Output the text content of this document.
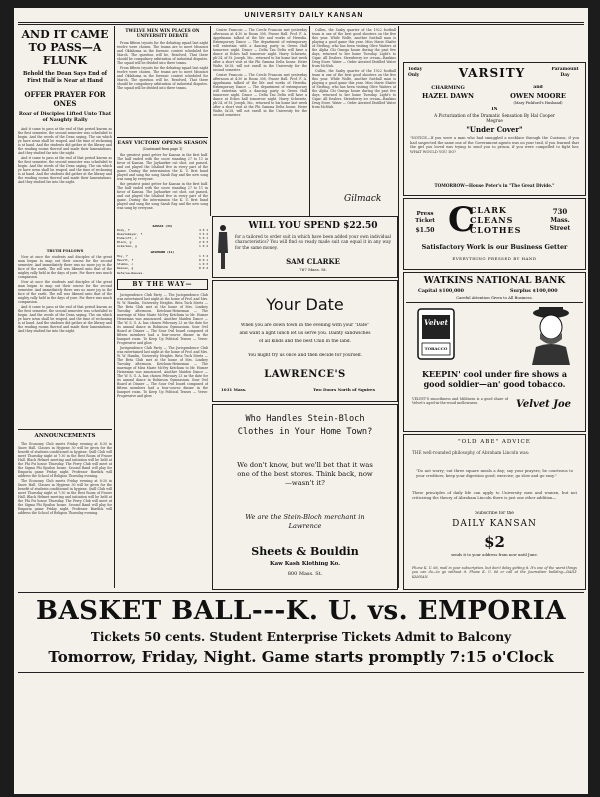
UNIVERSITY DAILY KANSAN
AND IT CAME TO PASS—A FLUNK
Behold the Dean Says End of First Half is Near at Hand
OFFER PRAYER FOR ONES
Roar of Disciples Lifted Unto That of Naughty Rally

And it came to pass at the end of that period known as the first semester, the second semester was scheduled to begin. And the words of the Dean saying, The sin which ye have sown shall be reaped, and the time of reckoning is at hand. And the students did gather at the library and the reading rooms thereof and made their lamentations. And they studied far into the night.

And it came to pass at the end of that period known as the first semester, the second semester was scheduled to begin. And the words of the Dean saying, The sin which ye have sown shall be reaped, and the time of reckoning is at hand. And the students did gather at the library and the reading rooms thereof and made their lamentations. And they studied far into the night.

TRUTH FOLLOWS

Now at once the students and disciples of the great man began to map out their course for the second semester. And immediately there was no more joy in the face of the earth. The roll was likened unto that of the mighty rally held in the days of yore. For there was much compassion.

Now at once the students and disciples of the great man began to map out their course for the second semester. And immediately there was no more joy in the face of the earth. The roll was likened unto that of the mighty rally held in the days of yore. For there was much compassion.

And it came to pass at the end of that period known as the first semester, the second semester was scheduled to begin. And the words of the Dean saying, The sin which ye have sown shall be reaped, and the time of reckoning is at hand. And the students did gather at the library and the reading rooms thereof and made their lamentations. And they studied far into the night.

ANNOUNCEMENTS

The Economy Club meets Friday evening at 8:30 in Snow Hall. Classes in Hygiene 30 will be given for the benefit of students conditioned in hygiene. Quill Club will meet Thursday night at 7:30 in the Rest Room of Fraser Hall. Black Helmet meeting and initiation will be held at the Phi Psi house Thursday. The Ferry Club will meet at the Sigma Phi Epsilon house. Second Band will play for Emporia game Friday night. Professor Burdick will address the School of Religion Thursday evening.

The Economy Club meets Friday evening at 8:30 in Snow Hall. Classes in Hygiene 30 will be given for the benefit of students conditioned in hygiene. Quill Club will meet Thursday night at 7:30 in the Rest Room of Fraser Hall. Black Helmet meeting and initiation will be held at the Phi Psi house Thursday. The Ferry Club will meet at the Sigma Phi Epsilon house. Second Band will play for Emporia game Friday night. Professor Burdick will address the School of Religion Thursday evening.

TWELVE MEN WIN PLACES ON UNIVERSITY DEBATE

From fifteen tryouts for the debating squad last night twelve were chosen. The teams are to meet Missouri and Oklahoma in the forensic contest scheduled for March. The question will be, Resolved, That there should be compulsory arbitration of industrial disputes. The squad will be divided into three teams.

From fifteen tryouts for the debating squad last night twelve were chosen. The teams are to meet Missouri and Oklahoma in the forensic contest scheduled for March. The question will be, Resolved, That there should be compulsory arbitration of industrial disputes. The squad will be divided into three teams.

EASY VICTORY OPENS SEASON
(Continued from page 1)

the greatest point getter for Kansas in the first half. The half ended with the score standing 27 to 11 in favor of Kansas. The Jayhawker cut shot, out passed, and out played the Ichabod five in every part of the game. During the intermission the K. U. first band played and sang the song Sarah Ray and the new song was sung by everyone.

the greatest point getter for Kansas in the first half. The half ended with the score standing 27 to 11 in favor of Kansas. The Jayhawker cut shot, out passed, and out played the Ichabod five in every part of the game. During the intermission the K. U. first band played and sang the song Sarah Ray and the new song was sung by everyone.

KANSAS (43)
Rody, f	4 0 1
Woestemeyer, f	3 5 2
Endacott, c	5 0 1
Black, g	2 0 3
Ackerman, g	1 0 2
WASHBURN (11)
Hoy, f	1 3 2
Hewitt, f	0 0 1
Stubbs, c	1 0 3
Reeves, g	0 0 2
Referee—Reeves.
BY THE WAY—

Jurisprudence Club Party — The Jurisprudence Club was entertained last night at the home of Prof. and Mrs. W. W. Hamlin, University Heights. Beta Tuck Meets — The Beta Club met at the home of Mrs. Lindsey Tuesday afternoon. Ketchum-Heineman — The marriage of Miss Marie McVey Ketchum to Mr. Homer Heineman was announced. Another Maiden Dance — The W. S. G. A. has chosen February 23 as the date for its annual dance in Robinson Gymnasium. Sour Owl Board at Dinner — The Sour Owl board composed of fifteen members had a four-course dinner in the banquet room. To Keep Up Political Tenses — Verse: Progressive and glow.

Jurisprudence Club Party — The Jurisprudence Club was entertained last night at the home of Prof. and Mrs. W. W. Hamlin, University Heights. Beta Tuck Meets — The Beta Club met at the home of Mrs. Lindsey Tuesday afternoon. Ketchum-Heineman — The marriage of Miss Marie McVey Ketchum to Mr. Homer Heineman was announced. Another Maiden Dance — The W. S. G. A. has chosen February 23 as the date for its annual dance in Robinson Gymnasium. Sour Owl Board at Dinner — The Sour Owl board composed of fifteen members had a four-course dinner in the banquet room. To Keep Up Political Tenses — Verse: Progressive and glow.

Centre Francois — The Cercle Francois met yesterday afternoon at 4:30 in Room 308, Fraser Hall. Prof. F. A. Appelmann talked of the life and works of Heredia. Extemporary Dance — The department of extemporary will entertain with a dancing party in Green Hall tomorrow night. Dance — Delta Tau Delta will have a dance at Eckes hall tomorrow night. Harry Schwartz, ph'24, of St. Joseph, Mo., returned to his home last week after a short visit at the Phi Gamma Delta house. Heier Walte, fa'28, will not enroll in the University for the second semester.

Centre Francois — The Cercle Francois met yesterday afternoon at 4:30 in Room 308, Fraser Hall. Prof. F. A. Appelmann talked of the life and works of Heredia. Extemporary Dance — The department of extemporary will entertain with a dancing party in Green Hall tomorrow night. Dance — Delta Tau Delta will have a dance at Eckes hall tomorrow night. Harry Schwartz, ph'24, of St. Joseph, Mo., returned to his home last week after a short visit at the Phi Gamma Delta house. Heier Walte, fa'28, will not enroll in the University for the second semester.

Cullen, the Sasby quarter of the 1922 football team is one of the best good shooters on the five this year. While Wolfe, another football man is playing a good game this year. Miss Marie Shafer of Sterling, who has been visiting Olive Waiters at the Alpha Chi Omega house during the past few days, returned to her home Tuesday. Light's to Cigar. All Dealers. Strawberry ice cream—Rankins Drug Store. Water — Order Aerated Distilled Water from McNish.

Cullen, the Sasby quarter of the 1922 football team is one of the best good shooters on the five this year. While Wolfe, another football man is playing a good game this year. Miss Marie Shafer of Sterling, who has been visiting Olive Waiters at the Alpha Chi Omega house during the past few days, returned to her home Tuesday. Light's to Cigar. All Dealers. Strawberry ice cream—Rankins Drug Store. Water — Order Aerated Distilled Water from McNish.

Gilmack
WILL YOU SPEND $22.50
for a tailored to order suit in which have been added your own individual characteristics? You will find so ready made suit can equal it in any way for the same money.
SAM CLARKE
767 Mass. St.
Your Date
When you are down town in the evening with your "Date"
and want a light lunch let us serve you. Dainty sandwiches
of all kinds and the best Chili in the land.
You might try us once and then decide for yourself.
LAWRENCE'S
1031 Mass.	Two Doors North of Squires
Who Handles Stein-Bloch Clothes in Your Home Town?
We don't know, but we'll bet that it was one of the best stores. Think back, now—wasn't it?
We are the Stein-Bloch merchant in Lawrence
Sheets & Bouldin
Kaw Kash Klothing Ko.
800 Mass. St.
Today Only	VARSITY	Paramount Day
CHARMING
HAZEL DAWN
and
OWEN MOORE
(Mary Pickford's Husband)
IN
A Picturization of the Dramatic Sensation By Hal Cooper Megrue
"Under Cover"
"NOTICE—If you were a man who had smuggled a necklace through the Customs, if you had suspected the same one of the Government agents was on your trail, if you learned that the girl you loved was trying to send you to prison, if you were compelled to fight her, WHAT WOULD YOU DO?
TOMORROW—House Peter's in "The Great Divide."
Press Ticket
$1.50 C
CLARK
CLEANS
CLOTHES
730
Mass. Street
Satisfactory Work is our Business Getter
EVERYTHING PRESSED BY HAND
WATKINS NATIONAL BANK
Capital $100,000	Surplus $100,000
Careful Attention Given to All Business.
Velvet
TOBACCO
KEEPIN' cool under fire shows a good soldier—an' good tobacco.
VELVET'S smoothness and Mildness is a good share of Velvet's aged-in-the-wood mellowness.	Velvet Joe
"OLD ABE" ADVICE
THE well-rounded philosophy of Abraham Lincoln was:
"Do not worry; eat three square meals a day; say your prayers; be courteous to your creditors; keep your digestion good; exercise; go slow and go easy."
These principles of daily life can apply to University men and women, but not criticizing the theory of Abraham Lincoln there is just one other addition—
Subscribe for the
DAILY KANSAN
$2
sends it to your address from now until June.
Phone K. U. 66, mail in your subscription, but don't delay getting it. It's one of the worst things you can do—to go without it. Phone K. U. 66 or call at the Journalism building—DAILY KANSAN.
BASKET BALL---K. U. vs. EMPORIA
Tickets 50 cents. Student Enterprise Tickets Admit to Balcony
Tomorrow, Friday, Night. Game starts promptly 7:15 o'Clock
